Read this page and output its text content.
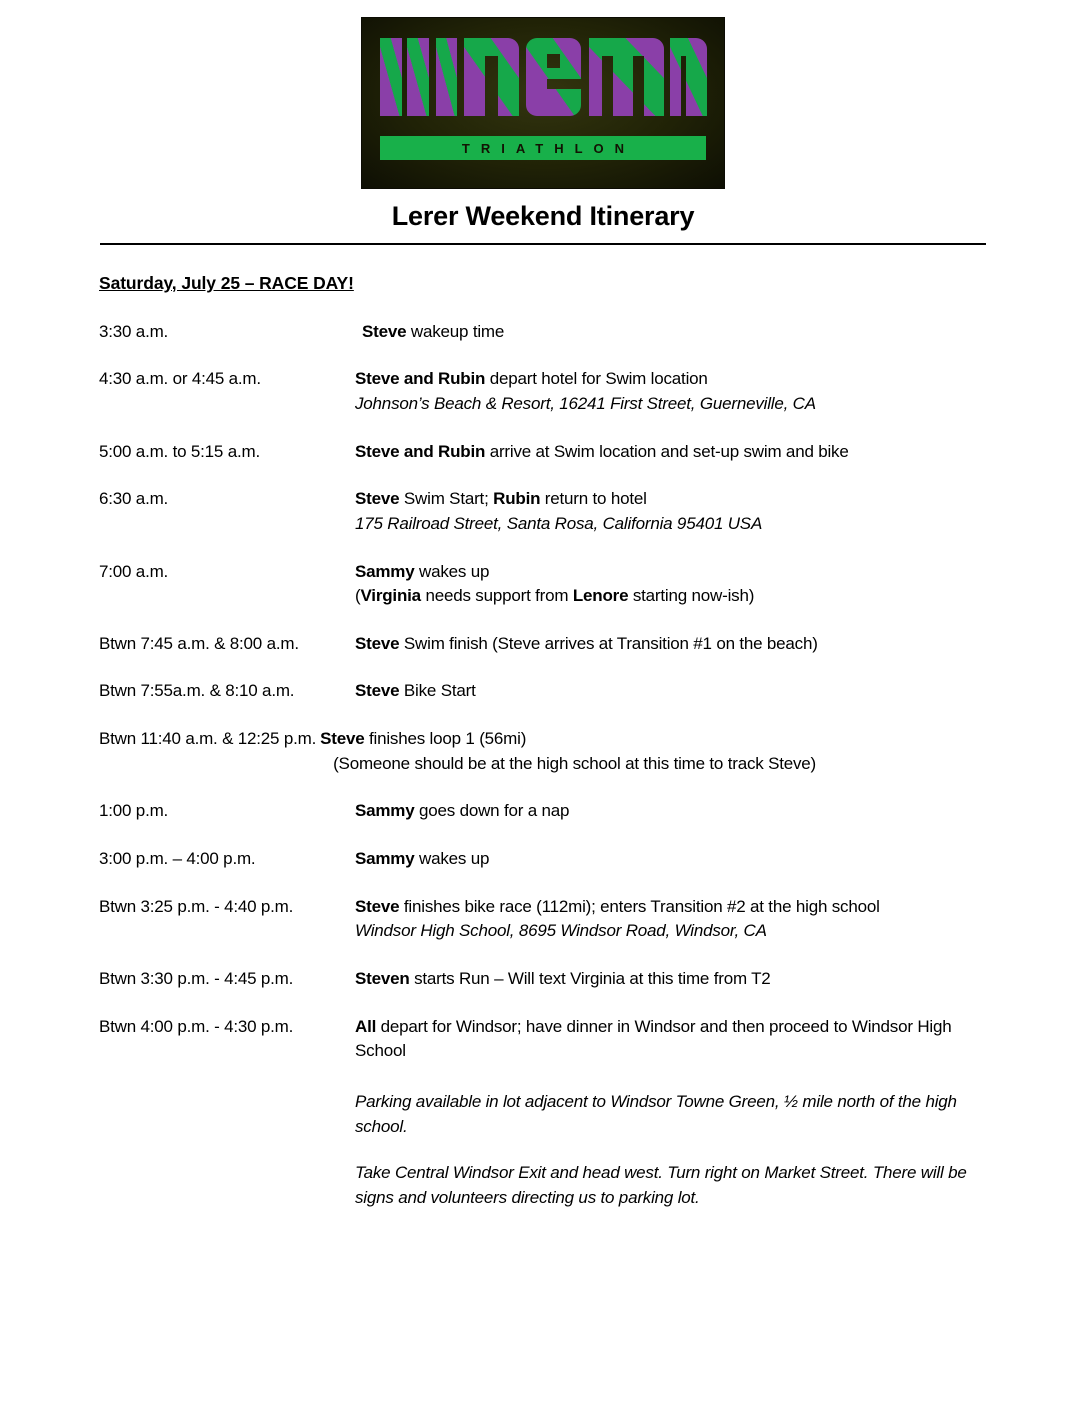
TRIATHLON
Lerer Weekend Itinerary
Saturday, July 25 – RACE DAY!
3:30 a.m.	Steve wakeup time
4:30 a.m. or 4:45 a.m.	Steve and Rubin depart hotel for Swim location
Johnson’s Beach & Resort, 16241 First Street, Guerneville, CA
5:00 a.m. to 5:15 a.m.	Steve and Rubin arrive at Swim location and set-up swim and bike
6:30 a.m.	Steve Swim Start; Rubin return to hotel
175 Railroad Street, Santa Rosa, California 95401 USA
7:00 a.m.	Sammy wakes up
(Virginia needs support from Lenore starting now-ish)
Btwn 7:45 a.m. & 8:00 a.m.	Steve Swim finish (Steve arrives at Transition #1 on the beach)
Btwn 7:55a.m. & 8:10 a.m.	Steve Bike Start
Btwn 11:40 a.m. & 12:25 p.m. Steve finishes loop 1 (56mi)
(Someone should be at the high school at this time to track Steve)
1:00 p.m.	Sammy goes down for a nap
3:00 p.m. – 4:00 p.m.	Sammy wakes up
Btwn 3:25 p.m. - 4:40 p.m.	Steve finishes bike race (112mi); enters Transition #2 at the high school
Windsor High School, 8695 Windsor Road, Windsor, CA
Btwn 3:30 p.m. - 4:45 p.m.	Steven starts Run – Will text Virginia at this time from T2
Btwn 4:00 p.m. - 4:30 p.m.	All depart for Windsor; have dinner in Windsor and then proceed to Windsor High School
Parking available in lot adjacent to Windsor Towne Green, ½ mile north of the high school.
Take Central Windsor Exit and head west. Turn right on Market Street. There will be signs and volunteers directing us to parking lot.
